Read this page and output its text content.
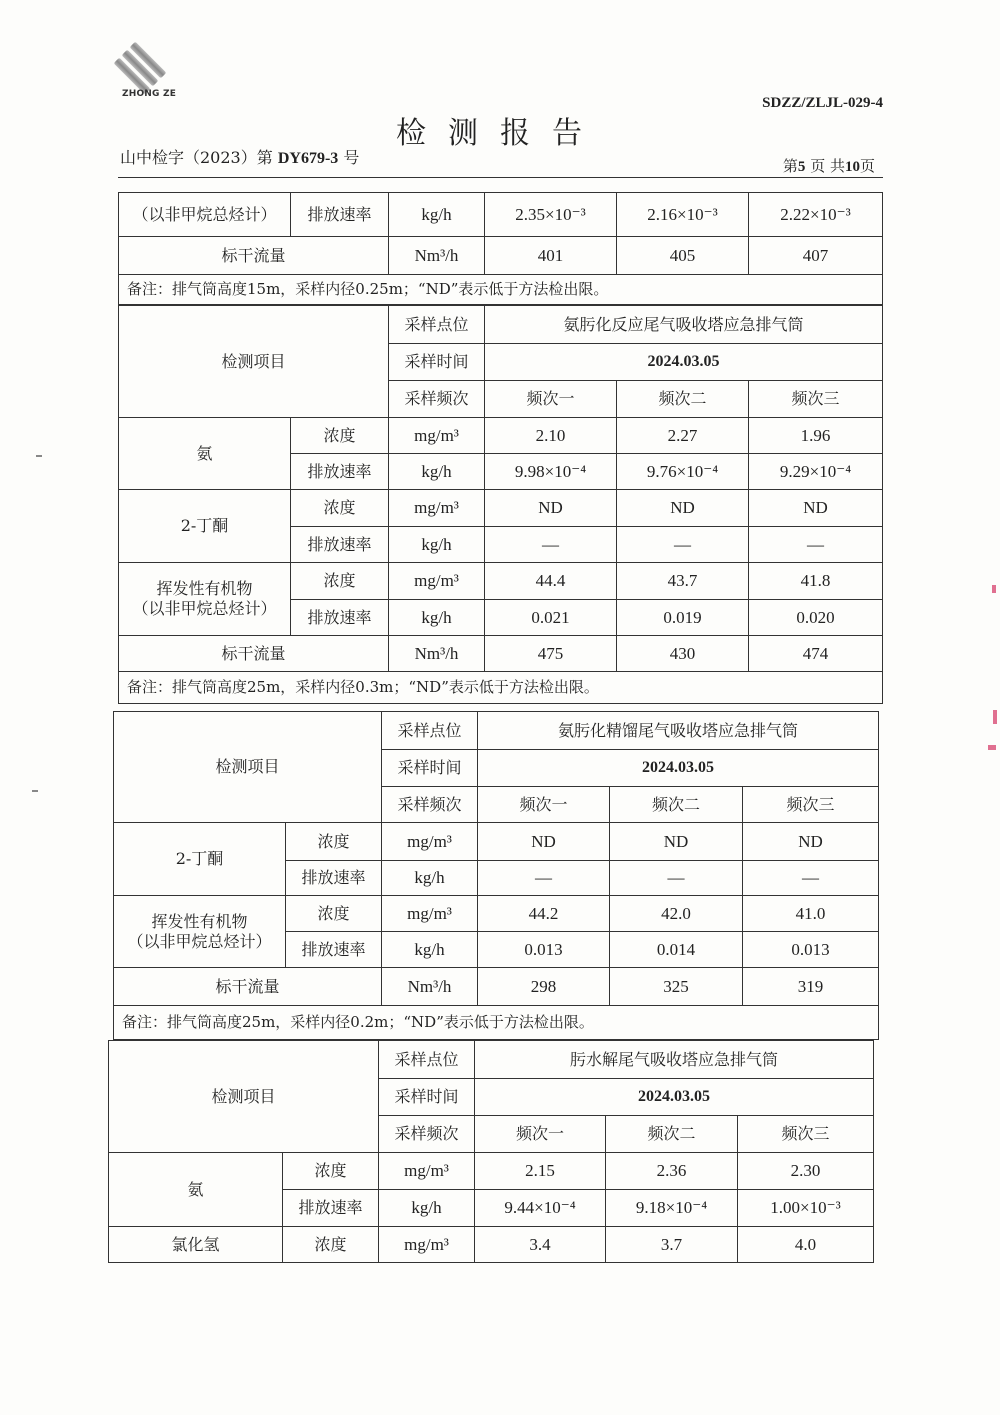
ZHONG ZE
SDZZ/ZLJL-029-4
检测报告
山中检字（2023）第 DY679-3 号	第5 页 共10页
（以非甲烷总烃计）	排放速率	kg/h	2.35×10⁻³	2.16×10⁻³	2.22×10⁻³
标干流量		Nm³/h	401	405	407
备注：排气筒高度15m，采样内径0.25m；“ND”表示低于方法检出限。					
检测项目		采样点位	氨肟化反应尾气吸收塔应急排气筒		
		采样时间	2024.03.05		
		采样频次	频次一	频次二	频次三
氨	浓度	mg/m³	2.10	2.27	1.96
	排放速率	kg/h	9.98×10⁻⁴	9.76×10⁻⁴	9.29×10⁻⁴
2-丁酮	浓度	mg/m³	ND	ND	ND
	排放速率	kg/h	—	—	—
挥发性有机物
（以非甲烷总烃计）	浓度	mg/m³	44.4	43.7	41.8
	排放速率	kg/h	0.021	0.019	0.020
标干流量		Nm³/h	475	430	474
备注：排气筒高度25m，采样内径0.3m；“ND”表示低于方法检出限。					
检测项目		采样点位	氨肟化精馏尾气吸收塔应急排气筒		
		采样时间	2024.03.05		
		采样频次	频次一	频次二	频次三
2-丁酮	浓度	mg/m³	ND	ND	ND
	排放速率	kg/h	—	—	—
挥发性有机物
（以非甲烷总烃计）	浓度	mg/m³	44.2	42.0	41.0
	排放速率	kg/h	0.013	0.014	0.013
标干流量		Nm³/h	298	325	319
备注：排气筒高度25m，采样内径0.2m；“ND”表示低于方法检出限。					
检测项目		采样点位	肟水解尾气吸收塔应急排气筒		
		采样时间	2024.03.05		
		采样频次	频次一	频次二	频次三
氨	浓度	mg/m³	2.15	2.36	2.30
	排放速率	kg/h	9.44×10⁻⁴	9.18×10⁻⁴	1.00×10⁻³
氯化氢	浓度	mg/m³	3.4	3.7	4.0
